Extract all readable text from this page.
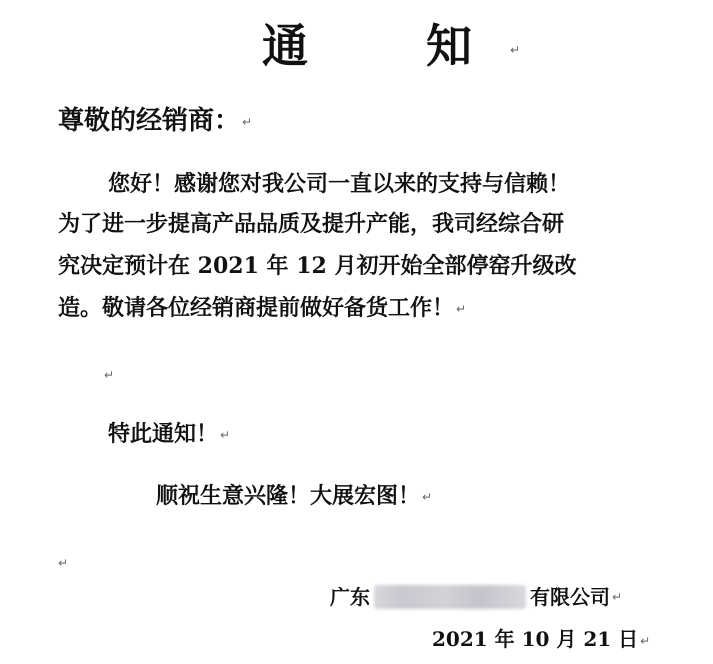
通　知 ↵
尊敬的经销商： ↵
您好！感谢您对我公司一直以来的支持与信赖！
为了进一步提高产品品质及提升产能，我司经综合研
究决定预计在 2021 年 12 月初开始全部停窑升级改
造。敬请各位经销商提前做好备货工作！ ↵
↵
特此通知！ ↵
顺祝生意兴隆！大展宏图！ ↵
↵
广东	有限公司 ↵
2021 年 10 月 21 日 ↵
